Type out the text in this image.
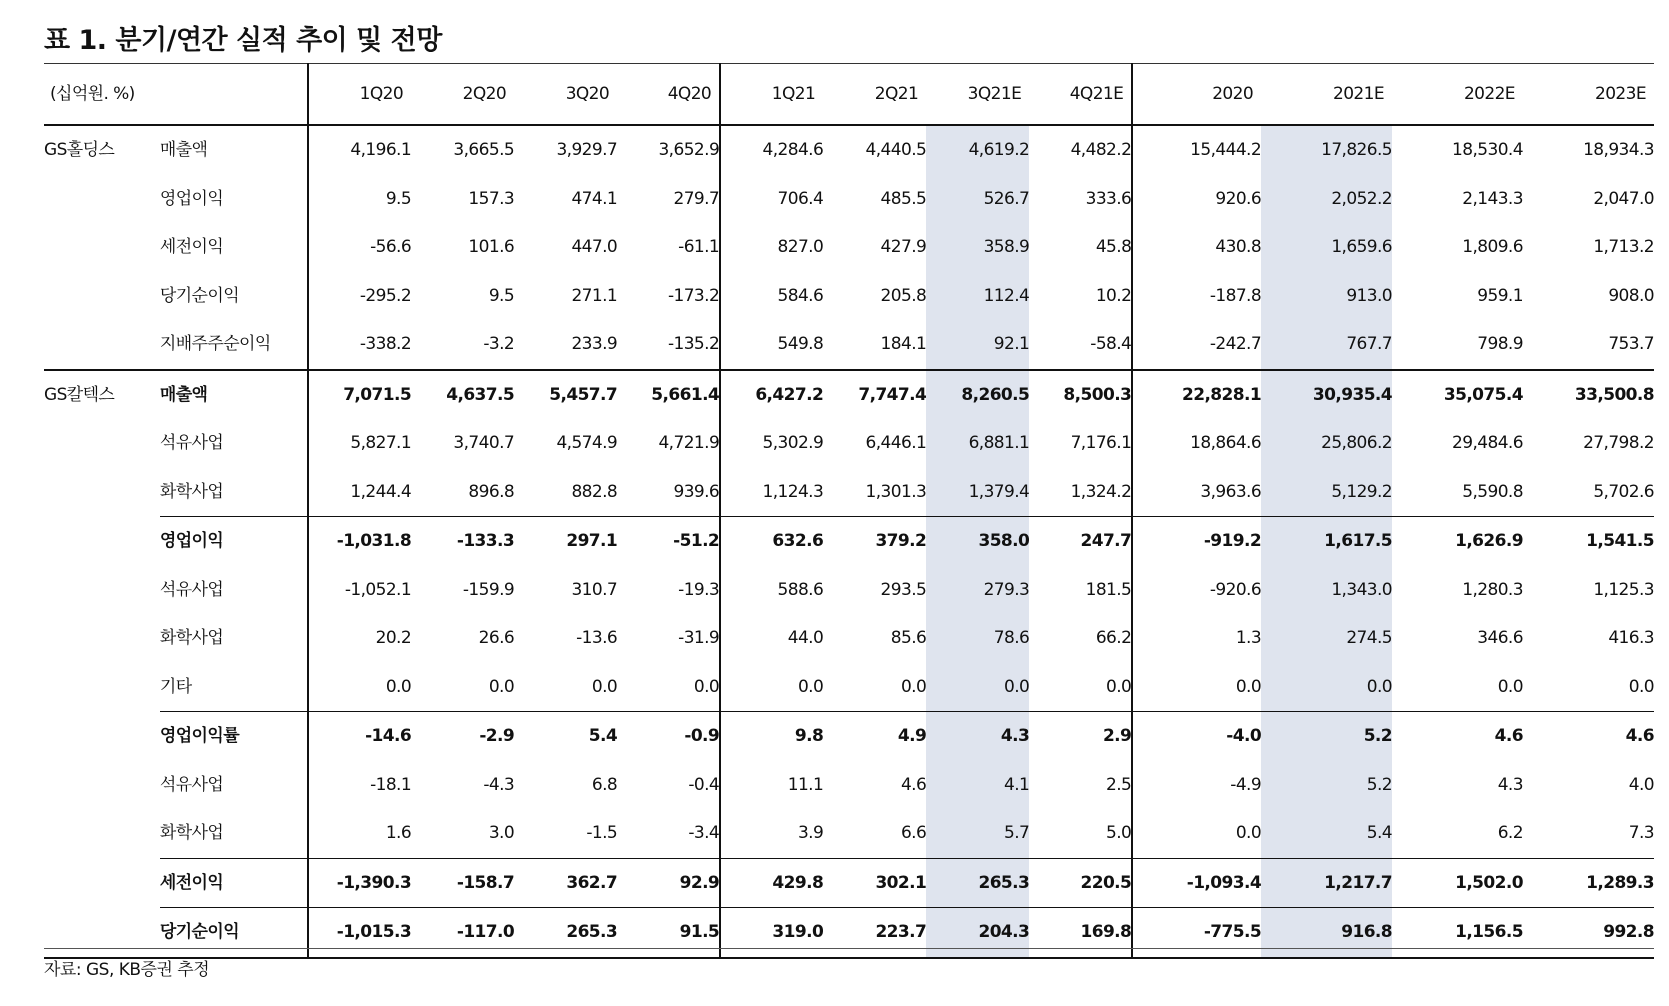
표 1. 분기/연간 실적 추이 및 전망
(십억원. %)		1Q20	2Q20	3Q20	4Q20	1Q21	2Q21	3Q21E	4Q21E	2020	2021E	2022E	2023E
GS홀딩스	매출액	4,196.1	3,665.5	3,929.7	3,652.9	4,284.6	4,440.5	4,619.2	4,482.2	15,444.2	17,826.5	18,530.4	18,934.3
	영업이익	9.5	157.3	474.1	279.7	706.4	485.5	526.7	333.6	920.6	2,052.2	2,143.3	2,047.0
	세전이익	-56.6	101.6	447.0	-61.1	827.0	427.9	358.9	45.8	430.8	1,659.6	1,809.6	1,713.2
	당기순이익	-295.2	9.5	271.1	-173.2	584.6	205.8	112.4	10.2	-187.8	913.0	959.1	908.0
	지배주주순이익	-338.2	-3.2	233.9	-135.2	549.8	184.1	92.1	-58.4	-242.7	767.7	798.9	753.7
GS칼텍스	매출액	7,071.5	4,637.5	5,457.7	5,661.4	6,427.2	7,747.4	8,260.5	8,500.3	22,828.1	30,935.4	35,075.4	33,500.8
	석유사업	5,827.1	3,740.7	4,574.9	4,721.9	5,302.9	6,446.1	6,881.1	7,176.1	18,864.6	25,806.2	29,484.6	27,798.2
	화학사업	1,244.4	896.8	882.8	939.6	1,124.3	1,301.3	1,379.4	1,324.2	3,963.6	5,129.2	5,590.8	5,702.6
	영업이익	-1,031.8	-133.3	297.1	-51.2	632.6	379.2	358.0	247.7	-919.2	1,617.5	1,626.9	1,541.5
	석유사업	-1,052.1	-159.9	310.7	-19.3	588.6	293.5	279.3	181.5	-920.6	1,343.0	1,280.3	1,125.3
	화학사업	20.2	26.6	-13.6	-31.9	44.0	85.6	78.6	66.2	1.3	274.5	346.6	416.3
	기타	0.0	0.0	0.0	0.0	0.0	0.0	0.0	0.0	0.0	0.0	0.0	0.0
	영업이익률	-14.6	-2.9	5.4	-0.9	9.8	4.9	4.3	2.9	-4.0	5.2	4.6	4.6
	석유사업	-18.1	-4.3	6.8	-0.4	11.1	4.6	4.1	2.5	-4.9	5.2	4.3	4.0
	화학사업	1.6	3.0	-1.5	-3.4	3.9	6.6	5.7	5.0	0.0	5.4	6.2	7.3
	세전이익	-1,390.3	-158.7	362.7	92.9	429.8	302.1	265.3	220.5	-1,093.4	1,217.7	1,502.0	1,289.3
	당기순이익	-1,015.3	-117.0	265.3	91.5	319.0	223.7	204.3	169.8	-775.5	916.8	1,156.5	992.8
자료: GS, KB증권 추정
